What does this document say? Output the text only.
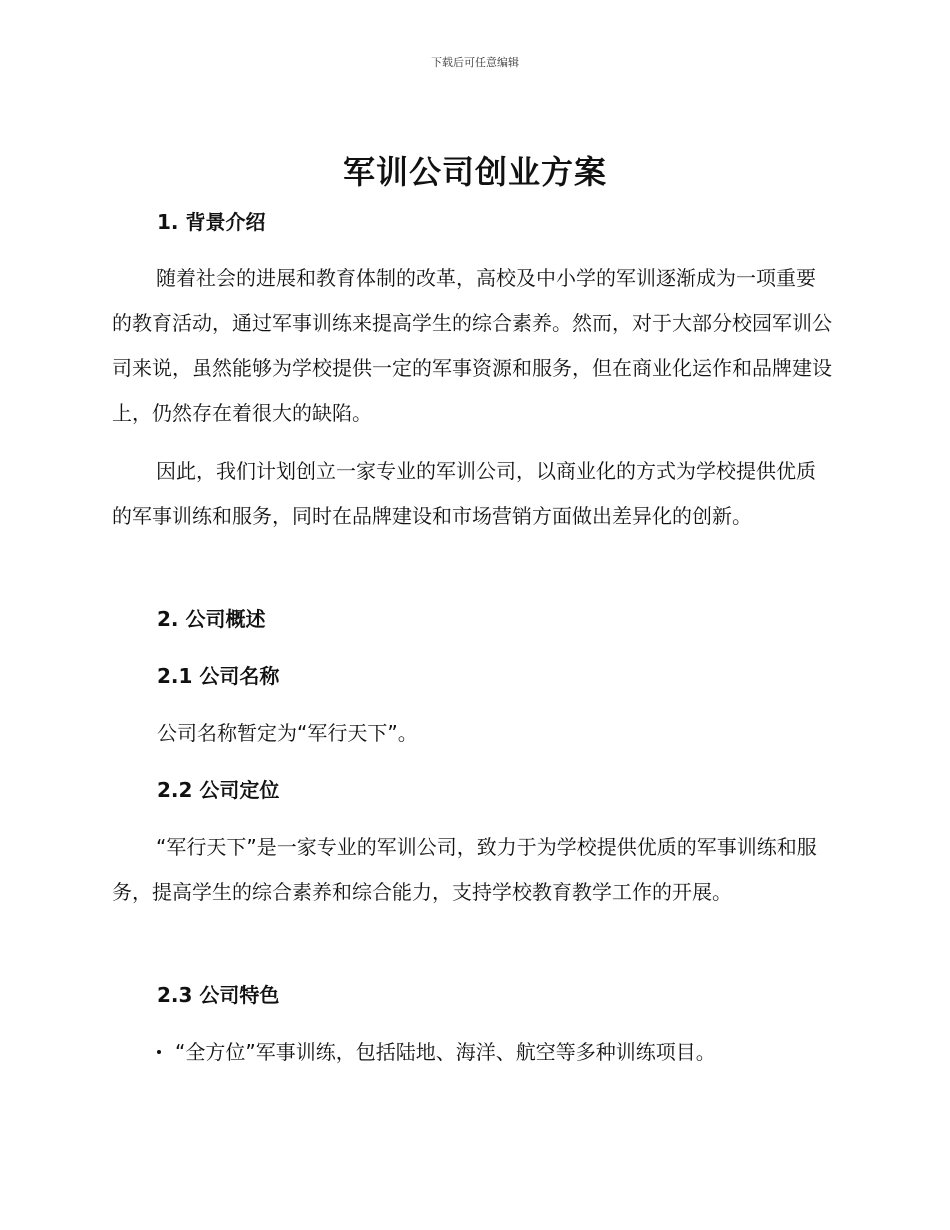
下载后可任意编辑
军训公司创业方案
1. 背景介绍

随着社会的进展和教育体制的改革，高校及中小学的军训逐渐成为一项重要的教育活动，通过军事训练来提高学生的综合素养。然而，对于大部分校园军训公司来说，虽然能够为学校提供一定的军事资源和服务，但在商业化运作和品牌建设上，仍然存在着很大的缺陷。

因此，我们计划创立一家专业的军训公司，以商业化的方式为学校提供优质的军事训练和服务，同时在品牌建设和市场营销方面做出差异化的创新。

2. 公司概述
2.1 公司名称
公司名称暂定为“军行天下”。
2.2 公司定位

“军行天下”是一家专业的军训公司，致力于为学校提供优质的军事训练和服务，提高学生的综合素养和综合能力，支持学校教育教学工作的开展。

2.3 公司特色
“全方位”军事训练，包括陆地、海洋、航空等多种训练项目。
